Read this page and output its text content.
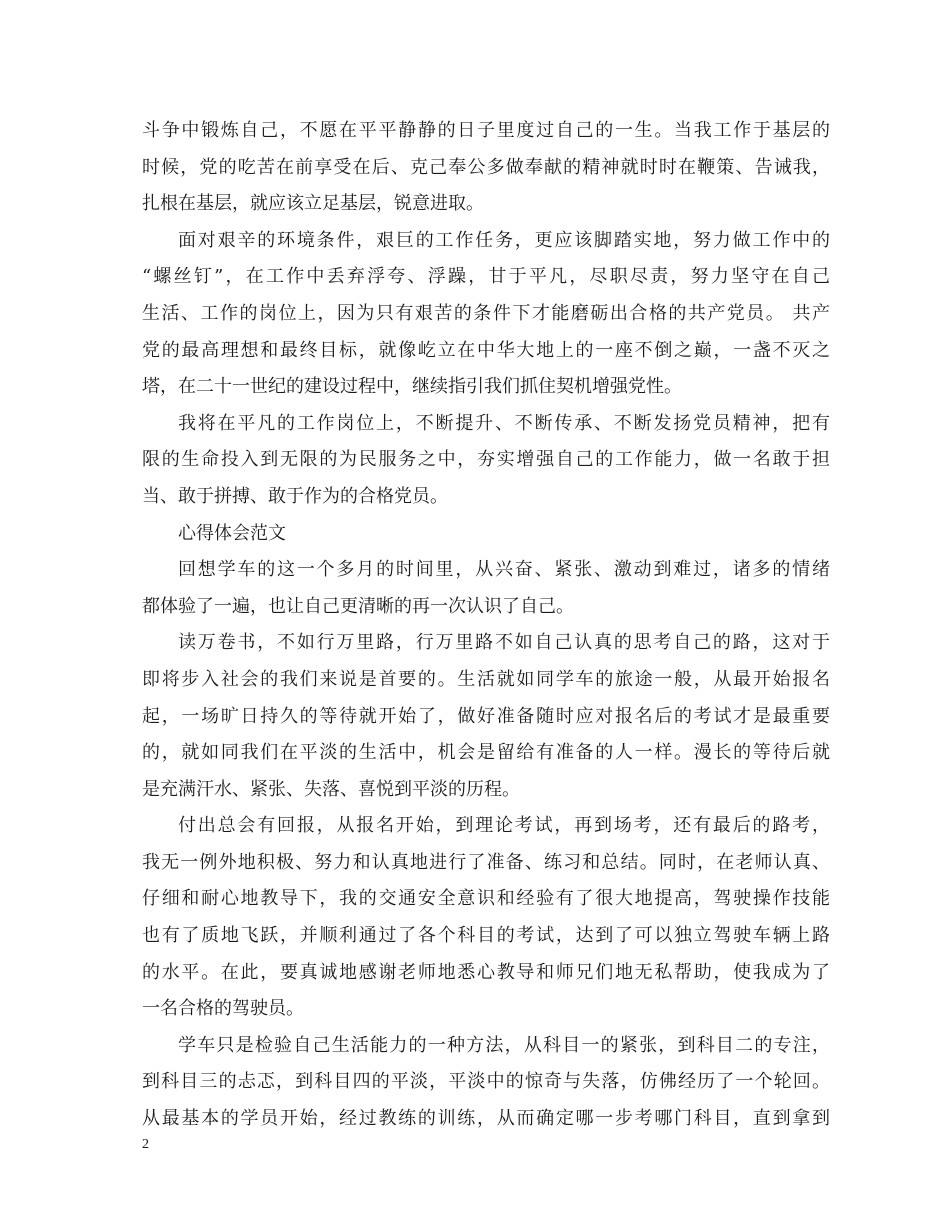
斗争中锻炼自己，不愿在平平静静的日子里度过自己的一生。当我工作于基层的
时候，党的吃苦在前享受在后、克己奉公多做奉献的精神就时时在鞭策、告诫我，
扎根在基层，就应该立足基层，锐意进取。
面对艰辛的环境条件，艰巨的工作任务，更应该脚踏实地，努力做工作中的
“螺丝钉”，在工作中丢弃浮夸、浮躁，甘于平凡，尽职尽责，努力坚守在自己
生活、工作的岗位上，因为只有艰苦的条件下才能磨砺出合格的共产党员。 共产
党的最高理想和最终目标，就像屹立在中华大地上的一座不倒之巅，一盏不灭之
塔，在二十一世纪的建设过程中，继续指引我们抓住契机增强党性。
我将在平凡的工作岗位上，不断提升、不断传承、不断发扬党员精神，把有
限的生命投入到无限的为民服务之中，夯实增强自己的工作能力，做一名敢于担
当、敢于拼搏、敢于作为的合格党员。
心得体会范文
回想学车的这一个多月的时间里，从兴奋、紧张、激动到难过，诸多的情绪
都体验了一遍，也让自己更清晰的再一次认识了自己。
读万卷书，不如行万里路，行万里路不如自己认真的思考自己的路，这对于
即将步入社会的我们来说是首要的。生活就如同学车的旅途一般，从最开始报名
起，一场旷日持久的等待就开始了，做好准备随时应对报名后的考试才是最重要
的，就如同我们在平淡的生活中，机会是留给有准备的人一样。漫长的等待后就
是充满汗水、紧张、失落、喜悦到平淡的历程。
付出总会有回报，从报名开始，到理论考试，再到场考，还有最后的路考，
我无一例外地积极、努力和认真地进行了准备、练习和总结。同时，在老师认真、
仔细和耐心地教导下，我的交通安全意识和经验有了很大地提高，驾驶操作技能
也有了质地飞跃，并顺利通过了各个科目的考试，达到了可以独立驾驶车辆上路
的水平。在此，要真诚地感谢老师地悉心教导和师兄们地无私帮助，使我成为了
一名合格的驾驶员。
学车只是检验自己生活能力的一种方法，从科目一的紧张，到科目二的专注，
到科目三的忐忑，到科目四的平淡，平淡中的惊奇与失落，仿佛经历了一个轮回。
从最基本的学员开始，经过教练的训练，从而确定哪一步考哪门科目，直到拿到
2
